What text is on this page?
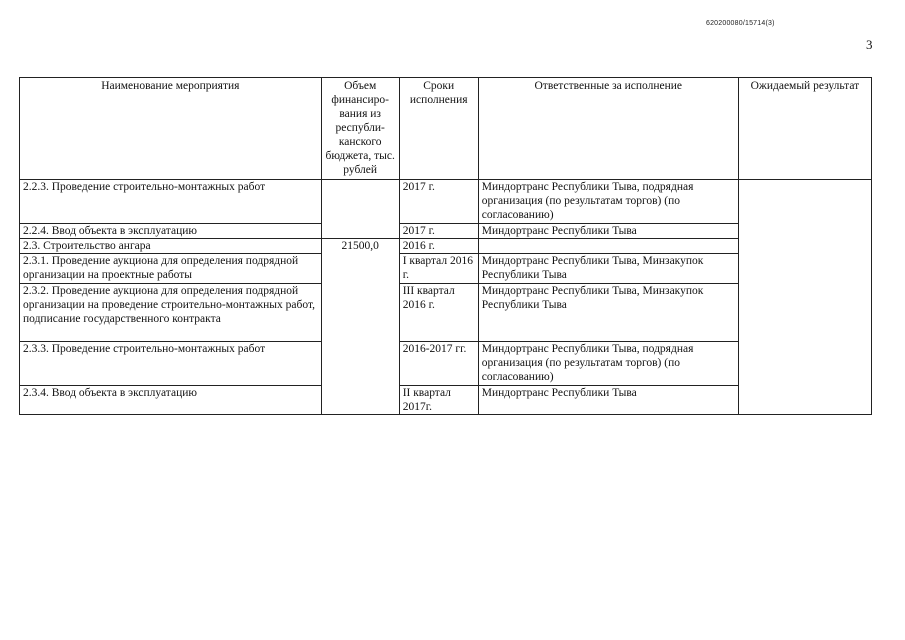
620200080/15714(3)
3
Наименование мероприятия	Объем финансиро-вания из республи-канского бюджета, тыс. рублей	Сроки исполнения	Ответственные за исполнение	Ожидаемый результат
2.2.3. Проведение строительно-монтажных работ		2017 г.	Миндортранс Республики Тыва, подрядная организация (по результатам торгов) (по согласованию)	
2.2.4. Ввод объекта в эксплуатацию		2017 г.	Миндортранс Республики Тыва	
2.3. Строительство ангара	21500,0	2016 г.		
2.3.1. Проведение аукциона для определения подрядной организации на проектные работы		I квартал 2016 г.	Миндортранс Республики Тыва, Минзакупок Республики Тыва	
2.3.2. Проведение аукциона для определения подрядной организации на проведение строительно-монтажных работ, подписание государственного контракта		III квартал 2016 г.	Миндортранс Республики Тыва, Минзакупок Республики Тыва	
2.3.3. Проведение строительно-монтажных работ		2016-2017 гг.	Миндортранс Республики Тыва, подрядная организация (по результатам торгов) (по согласованию)	
2.3.4. Ввод объекта в эксплуатацию		II квартал 2017г.	Миндортранс Республики Тыва	
